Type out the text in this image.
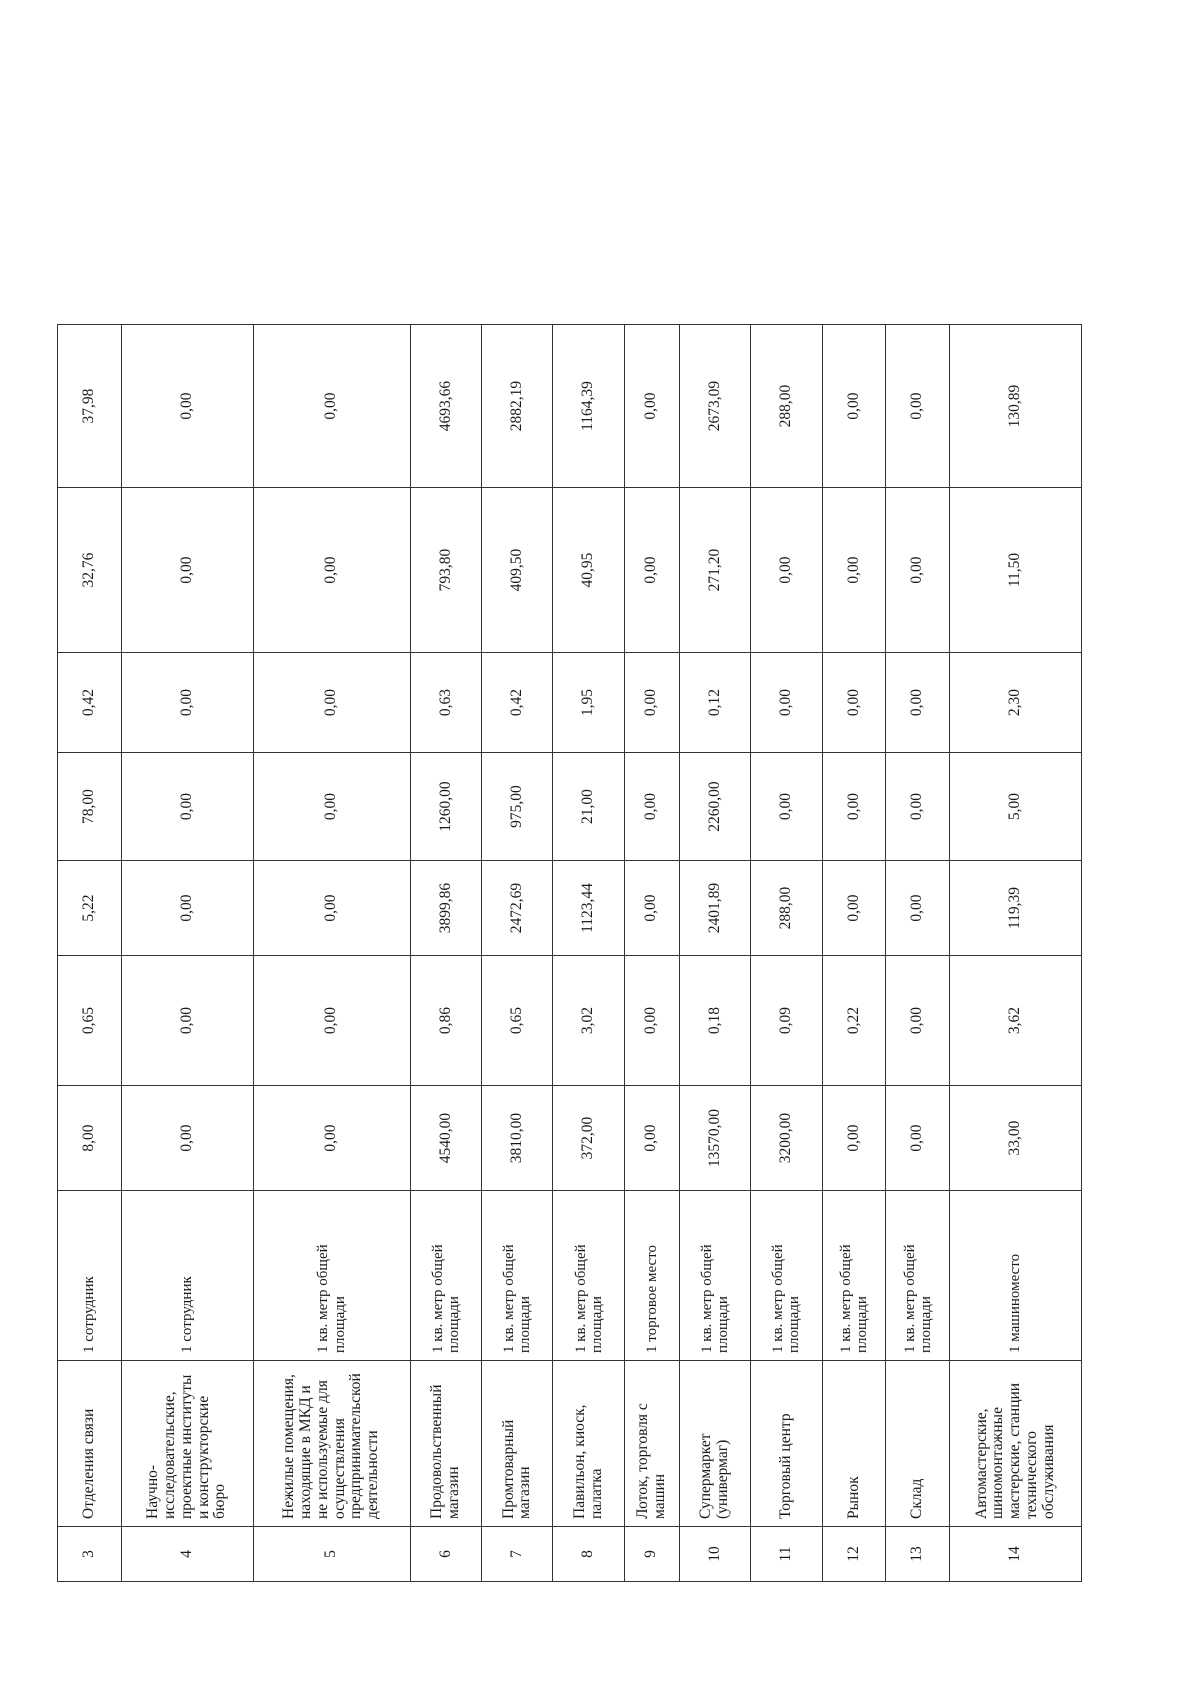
3	Отделения связи	1 сотрудник	8,00	0,65	5,22	78,00	0,42	32,76	37,98
4	Научно-исследовательские, проектные институты и конструкторские бюро	1 сотрудник	0,00	0,00	0,00	0,00	0,00	0,00	0,00
5	Нежилые помещения, находящие в МКД и не используемые для осуществления предпринимательской деятельности	1 кв. метр общей площади	0,00	0,00	0,00	0,00	0,00	0,00	0,00
6	Продовольственный магазин	1 кв. метр общей площади	4540,00	0,86	3899,86	1260,00	0,63	793,80	4693,66
7	Промтоварный магазин	1 кв. метр общей площади	3810,00	0,65	2472,69	975,00	0,42	409,50	2882,19
8	Павильон, киоск, палатка	1 кв. метр общей площади	372,00	3,02	1123,44	21,00	1,95	40,95	1164,39
9	Лоток, торговля с машин	1 торговое место	0,00	0,00	0,00	0,00	0,00	0,00	0,00
10	Супермаркет (универмаг)	1 кв. метр общей площади	13570,00	0,18	2401,89	2260,00	0,12	271,20	2673,09
11	Торговый центр	1 кв. метр общей площади	3200,00	0,09	288,00	0,00	0,00	0,00	288,00
12	Рынок	1 кв. метр общей площади	0,00	0,22	0,00	0,00	0,00	0,00	0,00
13	Склад	1 кв. метр общей площади	0,00	0,00	0,00	0,00	0,00	0,00	0,00
14	Автомастерские, шиномонтажные мастерские, станции технического обслуживания	1 машиноместо	33,00	3,62	119,39	5,00	2,30	11,50	130,89
